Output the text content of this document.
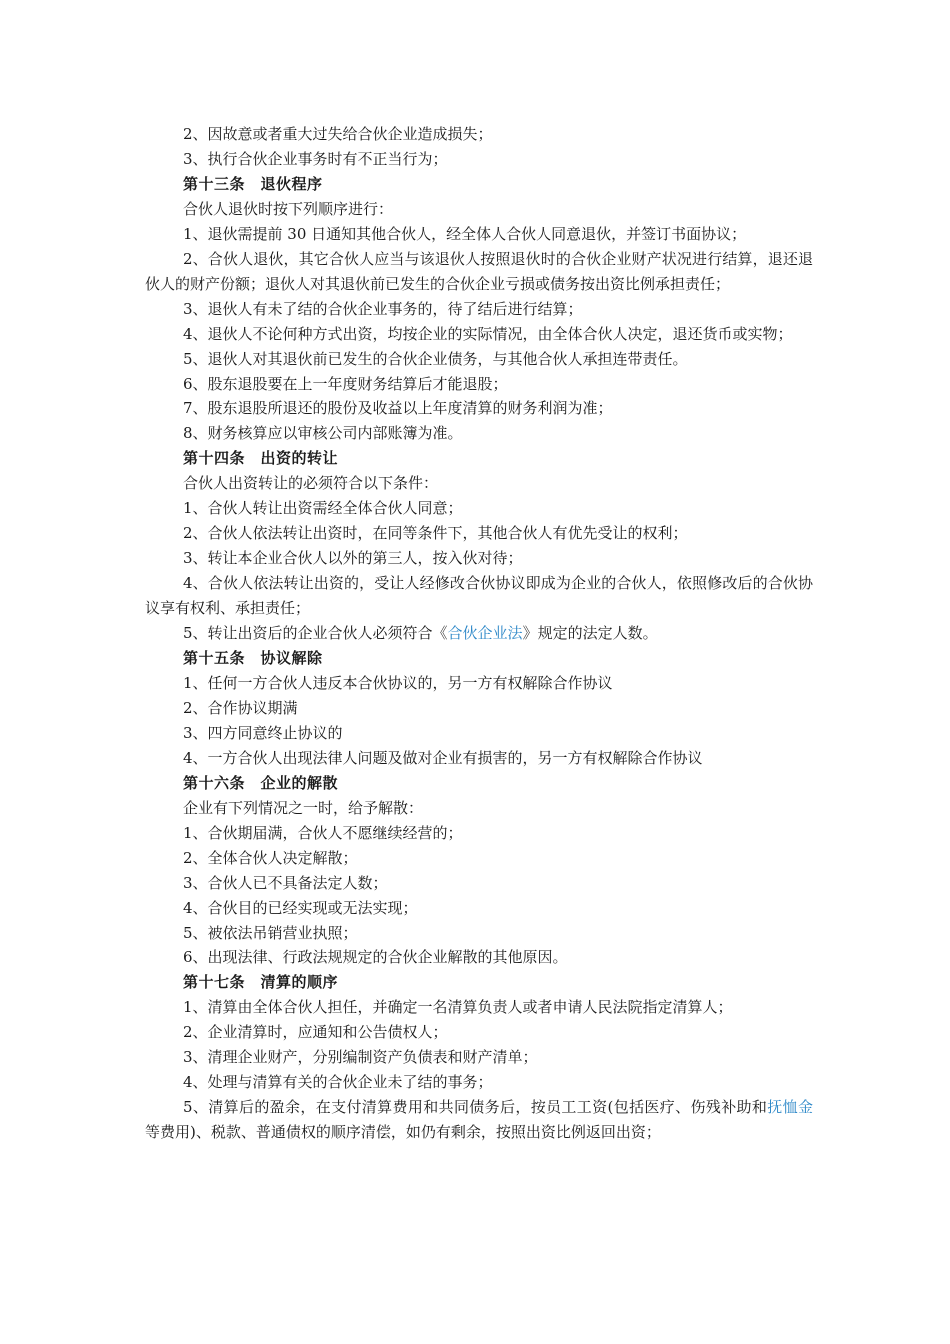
2、因故意或者重大过失给合伙企业造成损失；

3、执行合伙企业事务时有不正当行为；

第十三条　退伙程序

合伙人退伙时按下列顺序进行：

1、退伙需提前 30 日通知其他合伙人，经全体人合伙人同意退伙，并签订书面协议；

2、合伙人退伙，其它合伙人应当与该退伙人按照退伙时的合伙企业财产状况进行结算，退还退伙人的财产份额；退伙人对其退伙前已发生的合伙企业亏损或债务按出资比例承担责任；

3、退伙人有未了结的合伙企业事务的，待了结后进行结算；

4、退伙人不论何种方式出资，均按企业的实际情况，由全体合伙人决定，退还货币或实物；

5、退伙人对其退伙前已发生的合伙企业债务，与其他合伙人承担连带责任。

6、股东退股要在上一年度财务结算后才能退股；

7、股东退股所退还的股份及收益以上年度清算的财务利润为准；

8、财务核算应以审核公司内部账簿为准。

第十四条　出资的转让

合伙人出资转让的必须符合以下条件：

1、合伙人转让出资需经全体合伙人同意；

2、合伙人依法转让出资时，在同等条件下，其他合伙人有优先受让的权利；

3、转让本企业合伙人以外的第三人，按入伙对待；

4、合伙人依法转让出资的，受让人经修改合伙协议即成为企业的合伙人，依照修改后的合伙协议享有权利、承担责任；

5、转让出资后的企业合伙人必须符合《合伙企业法》规定的法定人数。

第十五条　协议解除

1、任何一方合伙人违反本合伙协议的，另一方有权解除合作协议

2、合作协议期满

3、四方同意终止协议的

4、一方合伙人出现法律人问题及做对企业有损害的，另一方有权解除合作协议

第十六条　企业的解散

企业有下列情况之一时，给予解散：

1、合伙期届满，合伙人不愿继续经营的；

2、全体合伙人决定解散；

3、合伙人已不具备法定人数；

4、合伙目的已经实现或无法实现；

5、被依法吊销营业执照；

6、出现法律、行政法规规定的合伙企业解散的其他原因。

第十七条　清算的顺序

1、清算由全体合伙人担任，并确定一名清算负责人或者申请人民法院指定清算人；

2、企业清算时，应通知和公告债权人；

3、清理企业财产，分别编制资产负债表和财产清单；

4、处理与清算有关的合伙企业未了结的事务；

5、清算后的盈余，在支付清算费用和共同债务后，按员工工资(包括医疗、伤残补助和抚恤金等费用)、税款、普通债权的顺序清偿，如仍有剩余，按照出资比例返回出资；
